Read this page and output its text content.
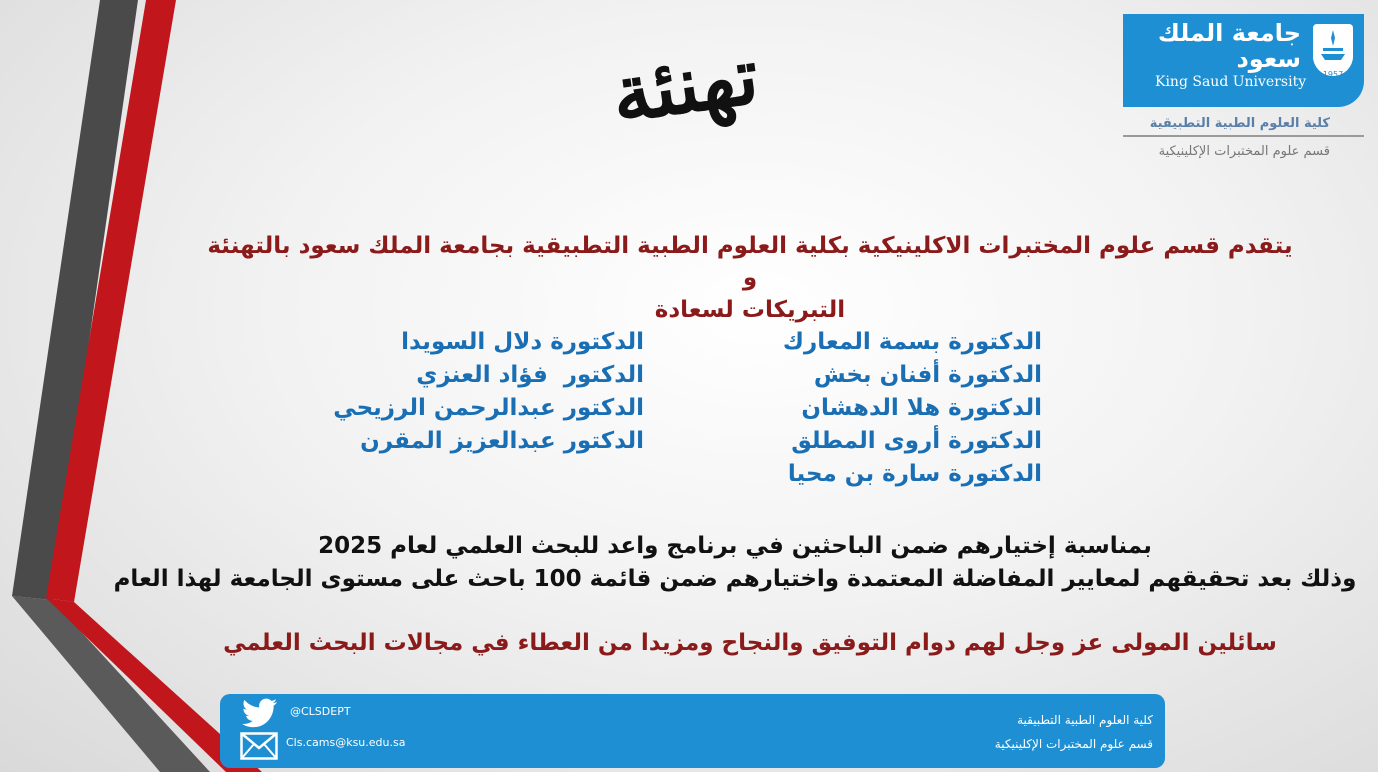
جامعة الملك سعود
King Saud University	1957
كلية العلوم الطبية التطبيقية
قسم علوم المختبرات الإكلينيكية
تهنئة
يتقدم قسم علوم المختبرات الاكلينيكية بكلية العلوم الطبية التطبيقية بجامعة الملك سعود بالتهنئة و
التبريكات لسعادة
الدكتورة بسمة المعارك
الدكتورة أفنان بخش
الدكتورة هلا الدهشان
الدكتورة أروى المطلق
الدكتورة سارة بن محيا
الدكتورة دلال السويدا
الدكتور  فؤاد العنزي
الدكتور عبدالرحمن الرزيحي
الدكتور عبدالعزيز المقرن
بمناسبة إختيارهم ضمن الباحثين في برنامج واعد للبحث العلمي لعام 2025
وذلك بعد تحقيقهم لمعايير المفاضلة المعتمدة واختيارهم ضمن قائمة 100 باحث على مستوى الجامعة لهذا العام
سائلين المولى عز وجل لهم دوام التوفيق والنجاح ومزيدا من العطاء في مجالات البحث العلمي
@CLSDEPT
Cls.cams@ksu.edu.sa
كلية العلوم الطبية التطبيقية
قسم علوم المختبرات الإكلينيكية
